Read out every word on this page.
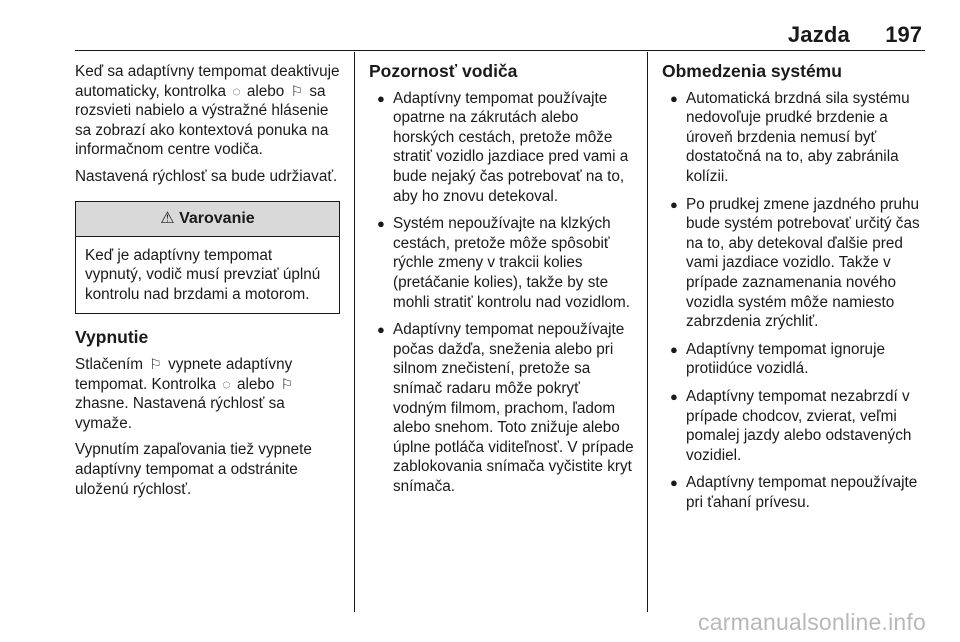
Jazda 197

Keď sa adaptívny tempomat deaktivuje automaticky, kontrolka ◌ alebo ⚐ sa rozsvieti nabielo a výstražné hlásenie sa zobrazí ako kontextová ponuka na informačnom centre vodiča.

Nastavená rýchlosť sa bude udržiavať.

⚠ Varovanie
Keď je adaptívny tempomat vypnutý, vodič musí prevziať úplnú kontrolu nad brzdami a motorom.

Vypnutie

Stlačením ⚐ vypnete adaptívny tempomat. Kontrolka ◌ alebo ⚐ zhasne. Nastavená rýchlosť sa vymaže.

Vypnutím zapaľovania tiež vypnete adaptívny tempomat a odstránite uloženú rýchlosť.

Pozornosť vodiča

● Adaptívny tempomat používajte opatrne na zákrutách alebo horských cestách, pretože môže stratiť vozidlo jazdiace pred vami a bude nejaký čas potrebovať na to, aby ho znovu detekoval.
● Systém nepoužívajte na klzkých cestách, pretože môže spôsobiť rýchle zmeny v trakcii kolies (pretáčanie kolies), takže by ste mohli stratiť kontrolu nad vozidlom.
● Adaptívny tempomat nepoužívajte počas dažďa, sneženia alebo pri silnom znečistení, pretože sa snímač radaru môže pokryť vodným filmom, prachom, ľadom alebo snehom. Toto znižuje alebo úplne potláča viditeľnosť. V prípade zablokovania snímača vyčistite kryt snímača.

Obmedzenia systému

● Automatická brzdná sila systému nedovoľuje prudké brzdenie a úroveň brzdenia nemusí byť dostatočná na to, aby zabránila kolízii.
● Po prudkej zmene jazdného pruhu bude systém potrebovať určitý čas na to, aby detekoval ďalšie pred vami jazdiace vozidlo. Takže v prípade zaznamenania nového vozidla systém môže namiesto zabrzdenia zrýchliť.
● Adaptívny tempomat ignoruje protiidúce vozidlá.
● Adaptívny tempomat nezabrzdí v prípade chodcov, zvierat, veľmi pomalej jazdy alebo odstavených vozidiel.
● Adaptívny tempomat nepoužívajte pri ťahaní prívesu.
carmanualsonline.info
